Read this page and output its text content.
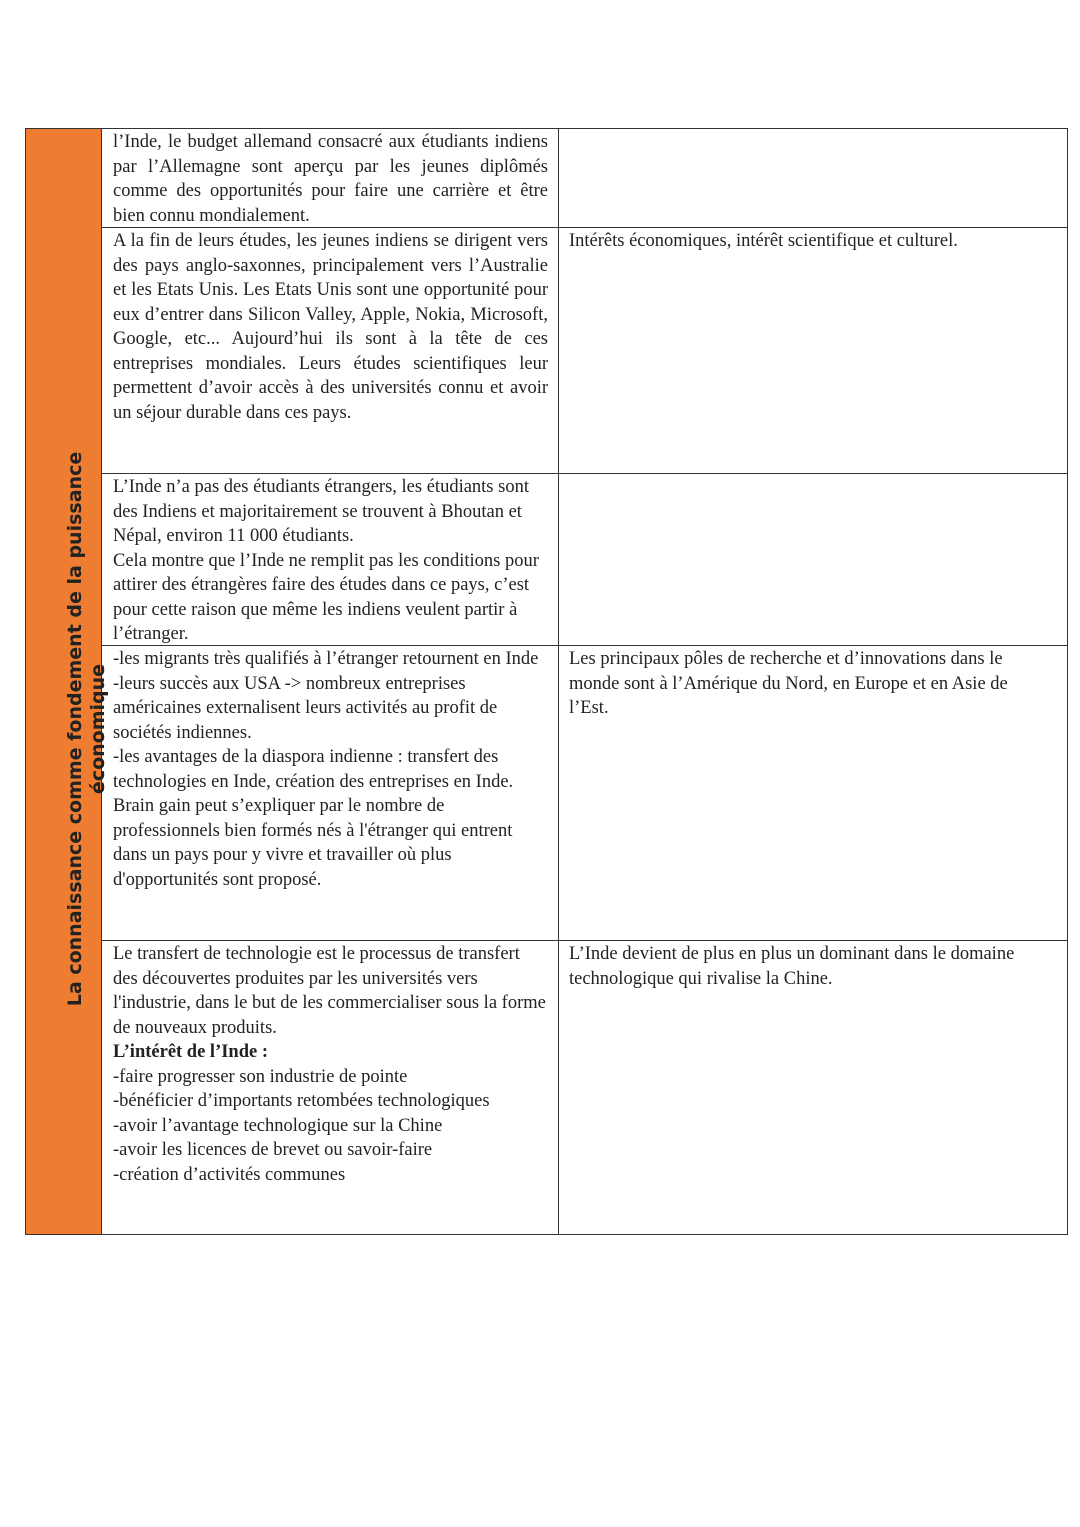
La connaissance comme fondement de la puissance économique

l’Inde, le budget allemand consacré aux étudiants indiens par l’Allemagne sont aperçu par les jeunes diplômés comme des opportunités pour faire une carrière et être bien connu mondialement.

A la fin de leurs études, les jeunes indiens se dirigent vers des pays anglo-saxonnes, principalement vers l’Australie et les Etats Unis. Les Etats Unis sont une opportunité pour eux d’entrer dans Silicon Valley, Apple, Nokia, Microsoft, Google, etc... Aujourd’hui ils sont à la tête de ces entreprises mondiales. Leurs études scientifiques leur permettent d’avoir accès à des universités connu et avoir un séjour durable dans ces pays.

Intérêts économiques, intérêt scientifique et culturel.

L’Inde n’a pas des étudiants étrangers, les étudiants sont des Indiens et majoritairement se trouvent à Bhoutan et Népal, environ 11 000 étudiants.

Cela montre que l’Inde ne remplit pas les conditions pour attirer des étrangères faire des études dans ce pays, c’est pour cette raison que même les indiens veulent partir à l’étranger.

-les migrants très qualifiés à l’étranger retournent en Inde

-leurs succès aux USA -> nombreux entreprises américaines externalisent leurs activités au profit de sociétés indiennes.

-les avantages de la diaspora indienne : transfert des technologies en Inde, création des entreprises en Inde.

Brain gain peut s’expliquer par le nombre de professionnels bien formés nés à l'étranger qui entrent dans un pays pour y vivre et travailler où plus d'opportunités sont proposé.

Les principaux pôles de recherche et d’innovations dans le monde sont à l’Amérique du Nord, en Europe et en Asie de l’Est.

Le transfert de technologie est le processus de transfert des découvertes produites par les universités vers l'industrie, dans le but de les commercialiser sous la forme de nouveaux produits.

L’intérêt de l’Inde :

-faire progresser son industrie de pointe

-bénéficier d’importants retombées technologiques

-avoir l’avantage technologique sur la Chine

-avoir les licences de brevet ou savoir-faire

-création d’activités communes

L’Inde devient de plus en plus un dominant dans le domaine technologique qui rivalise la Chine.
